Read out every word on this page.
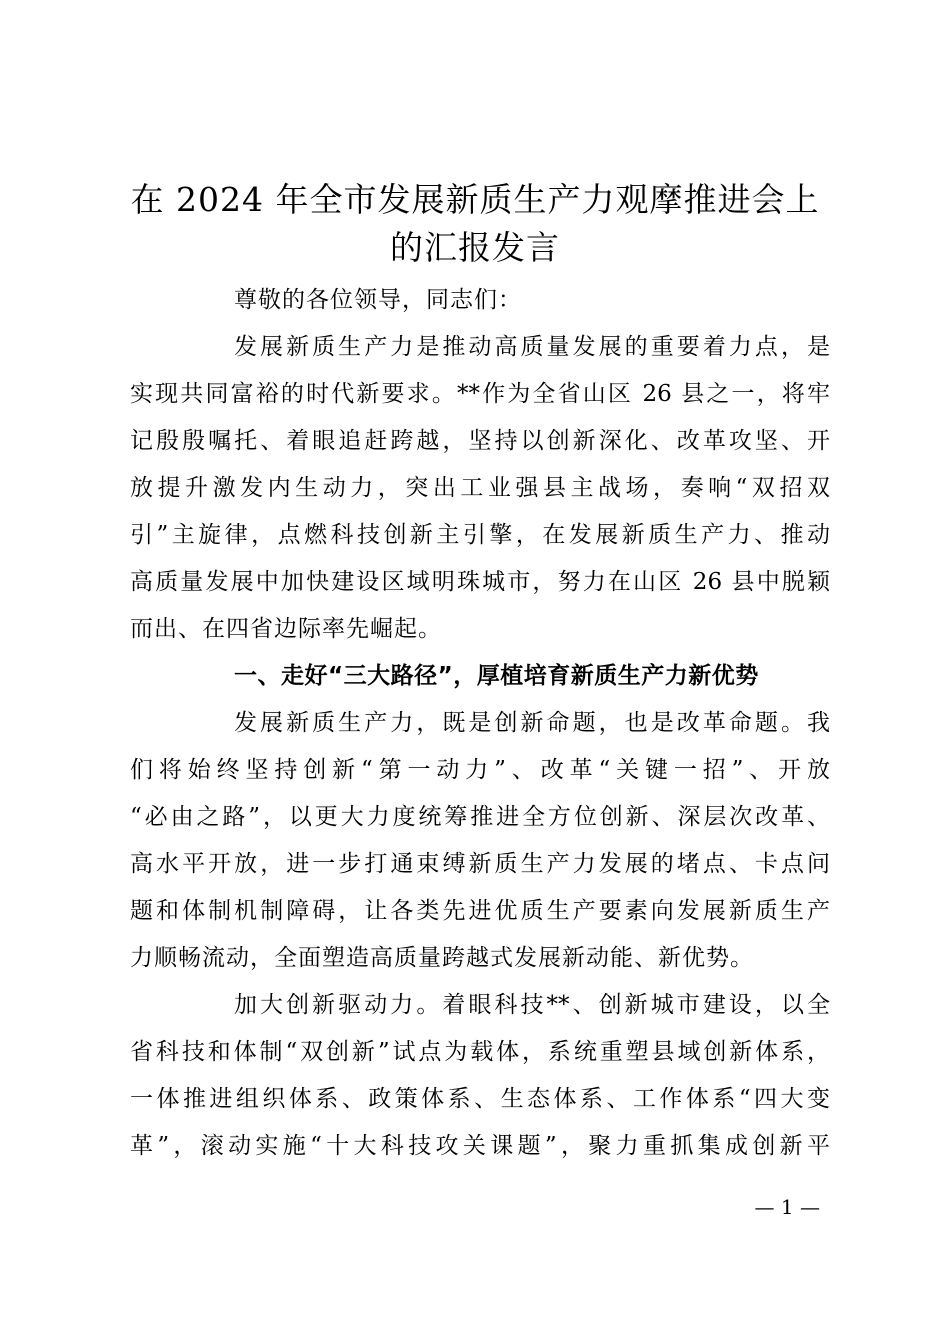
在 2024 年全市发展新质生产力观摩推进会上
的汇报发言
尊敬的各位领导，同志们：
发展新质生产力是推动高质量发展的重要着力点，是
实现共同富裕的时代新要求。**作为全省山区 26 县之一，将牢
记殷殷嘱托、着眼追赶跨越，坚持以创新深化、改革攻坚、开
放提升激发内生动力，突出工业强县主战场，奏响“双招双
引”主旋律，点燃科技创新主引擎，在发展新质生产力、推动
高质量发展中加快建设区域明珠城市，努力在山区 26 县中脱颖
而出、在四省边际率先崛起。
一、走好“三大路径”，厚植培育新质生产力新优势
发展新质生产力，既是创新命题，也是改革命题。我
们将始终坚持创新“第一动力”、改革“关键一招”、开放
“必由之路”，以更大力度统筹推进全方位创新、深层次改革、
高水平开放，进一步打通束缚新质生产力发展的堵点、卡点问
题和体制机制障碍，让各类先进优质生产要素向发展新质生产
力顺畅流动，全面塑造高质量跨越式发展新动能、新优势。
加大创新驱动力。着眼科技**、创新城市建设，以全
省科技和体制“双创新”试点为载体，系统重塑县域创新体系，
一体推进组织体系、政策体系、生态体系、工作体系“四大变
革”，滚动实施“十大科技攻关课题”，聚力重抓集成创新平
— 1 —
